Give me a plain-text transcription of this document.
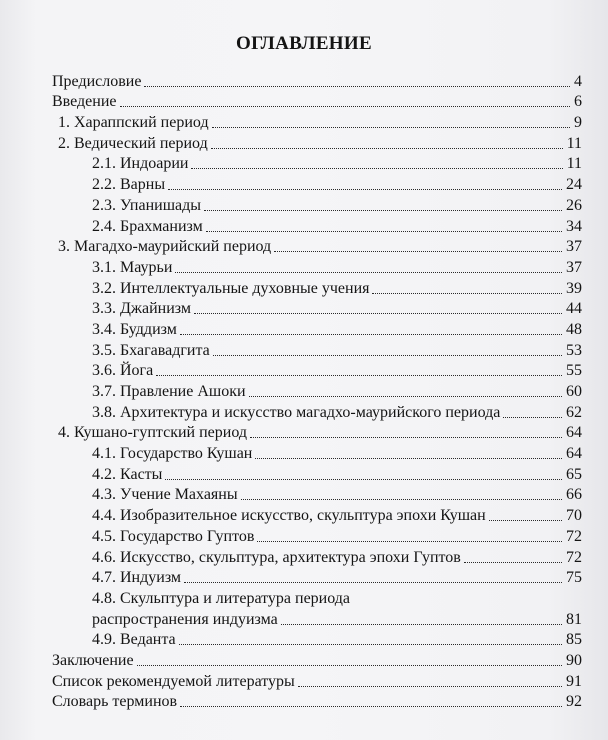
ОГЛАВЛЕНИЕ
Предисловие	4
Введение	6
1. Хараппский период	9
2. Ведический период	11
2.1. Индоарии	11
2.2. Варны	24
2.3. Упанишады	26
2.4. Брахманизм	34
3. Магадхо-маурийский период	37
3.1. Маурьи	37
3.2. Интеллектуальные духовные учения	39
3.3. Джайнизм	44
3.4. Буддизм	48
3.5. Бхагавадгита	53
3.6. Йога	55
3.7. Правление Ашоки	60
3.8. Архитектура и искусство магадхо-маурийского периода	62
4. Кушано-гуптский период	64
4.1. Государство Кушан	64
4.2. Касты	65
4.3. Учение Махаяны	66
4.4. Изобразительное искусство, скульптура эпохи Кушан	70
4.5. Государство Гуптов	72
4.6. Искусство, скульптура, архитектура эпохи Гуптов	72
4.7. Индуизм	75
4.8. Скульптура и литература периода
распространения индуизма	81
4.9. Веданта	85
Заключение	90
Список рекомендуемой литературы	91
Словарь терминов	92
